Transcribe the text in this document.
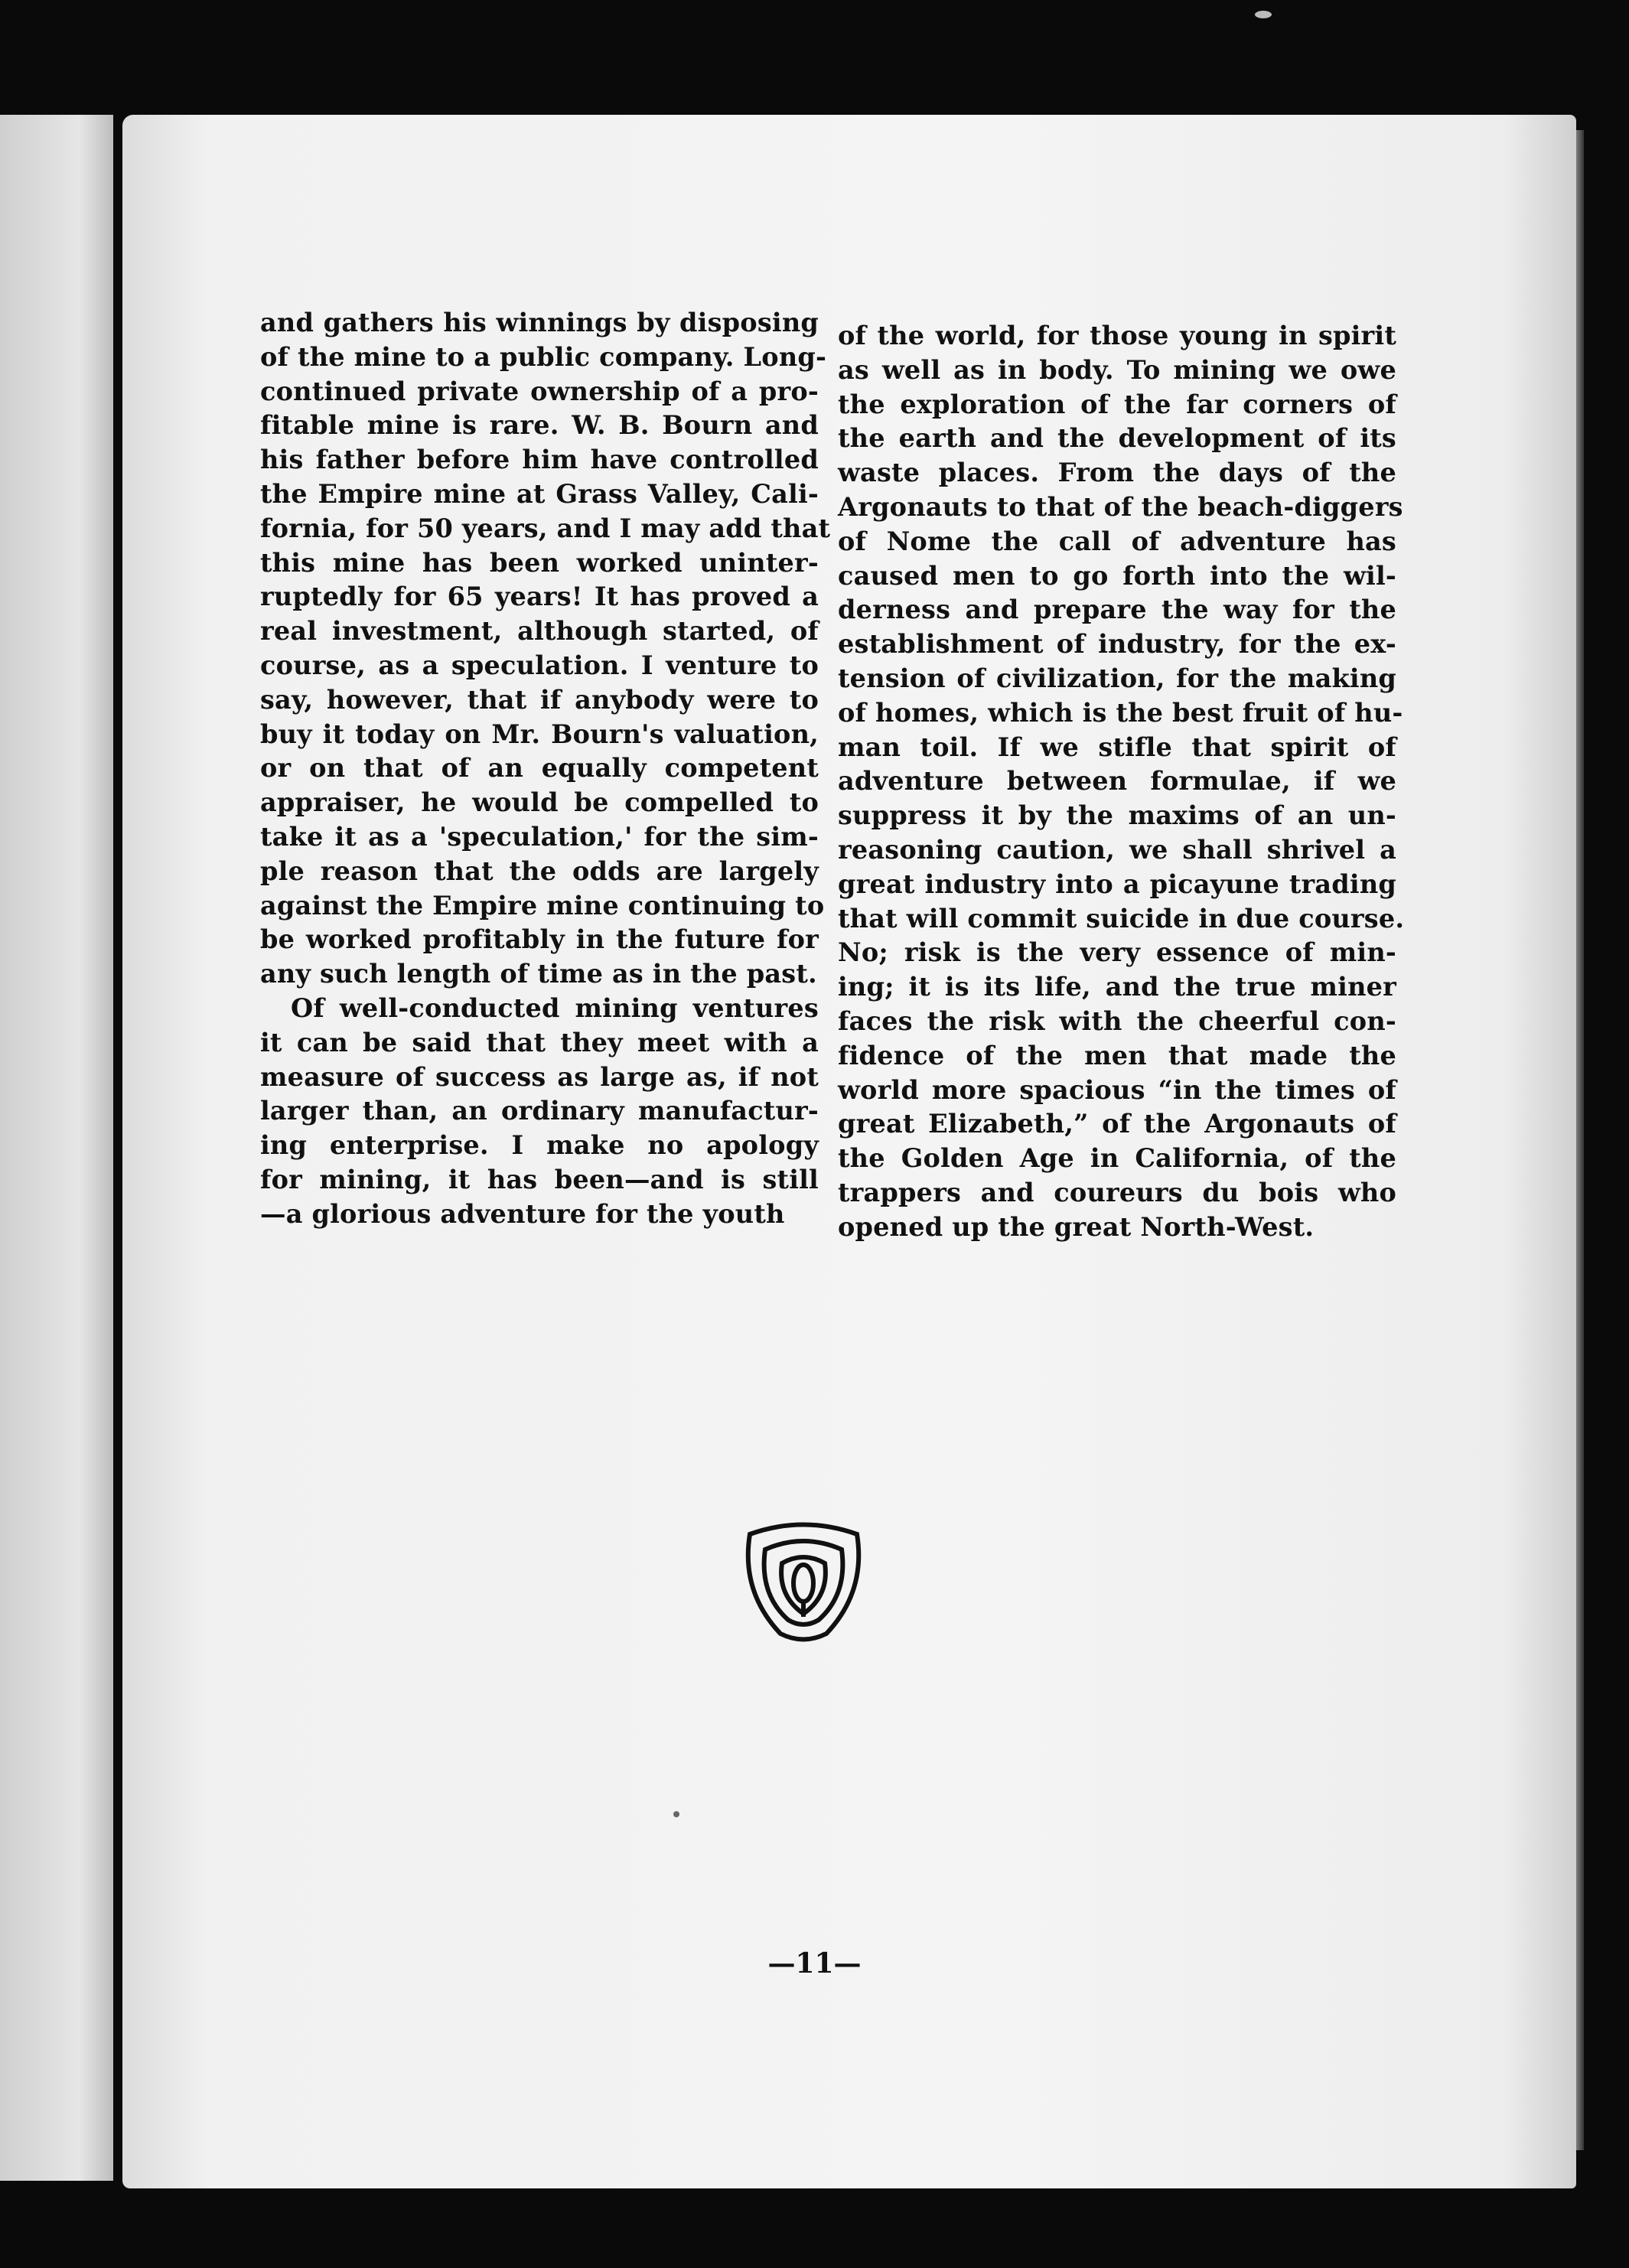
and gathers his winnings by disposing
of the mine to a public company. Long-
continued private ownership of a pro-
fitable mine is rare. W. B. Bourn and
his father before him have controlled
the Empire mine at Grass Valley, Cali-
fornia, for 50 years, and I may add that
this mine has been worked uninter-
ruptedly for 65 years! It has proved a
real investment, although started, of
course, as a speculation. I venture to
say, however, that if anybody were to
buy it today on Mr. Bourn's valuation,
or on that of an equally competent
appraiser, he would be compelled to
take it as a 'speculation,' for the sim-
ple reason that the odds are largely
against the Empire mine continuing to
be worked profitably in the future for
any such length of time as in the past.
Of well-conducted mining ventures
it can be said that they meet with a
measure of success as large as, if not
larger than, an ordinary manufactur-
ing enterprise. I make no apology
for mining, it has been—and is still
—a glorious adventure for the youth
of the world, for those young in spirit
as well as in body. To mining we owe
the exploration of the far corners of
the earth and the development of its
waste places. From the days of the
Argonauts to that of the beach-diggers
of Nome the call of adventure has
caused men to go forth into the wil-
derness and prepare the way for the
establishment of industry, for the ex-
tension of civilization, for the making
of homes, which is the best fruit of hu-
man toil. If we stifle that spirit of
adventure between formulae, if we
suppress it by the maxims of an un-
reasoning caution, we shall shrivel a
great industry into a picayune trading
that will commit suicide in due course.
No; risk is the very essence of min-
ing; it is its life, and the true miner
faces the risk with the cheerful con-
fidence of the men that made the
world more spacious “in the times of
great Elizabeth,” of the Argonauts of
the Golden Age in California, of the
trappers and coureurs du bois who
opened up the great North-West.
—11—
